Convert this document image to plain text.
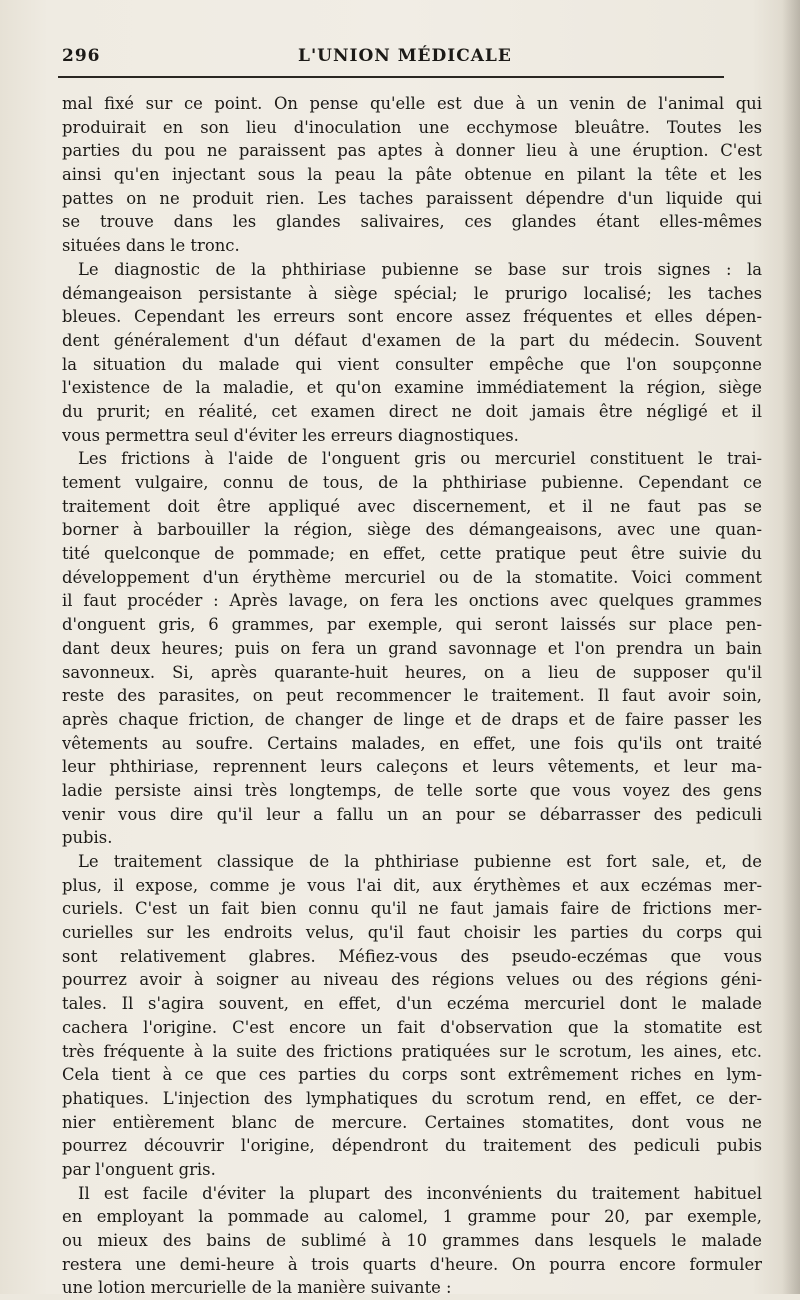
296	L'UNION MÉDICALE
mal fixé sur ce point. On pense qu'elle est due à un venin de l'animal qui
produirait en son lieu d'inoculation une ecchymose bleuâtre. Toutes les
parties du pou ne paraissent pas aptes à donner lieu à une éruption. C'est
ainsi qu'en injectant sous la peau la pâte obtenue en pilant la tête et les
pattes on ne produit rien. Les taches paraissent dépendre d'un liquide qui
se trouve dans les glandes salivaires, ces glandes étant elles-mêmes
situées dans le tronc.
Le diagnostic de la phthiriase pubienne se base sur trois signes : la
démangeaison persistante à siège spécial; le prurigo localisé; les taches
bleues. Cependant les erreurs sont encore assez fréquentes et elles dépen-
dent généralement d'un défaut d'examen de la part du médecin. Souvent
la situation du malade qui vient consulter empêche que l'on soupçonne
l'existence de la maladie, et qu'on examine immédiatement la région, siège
du prurit; en réalité, cet examen direct ne doit jamais être négligé et il
vous permettra seul d'éviter les erreurs diagnostiques.
Les frictions à l'aide de l'onguent gris ou mercuriel constituent le trai-
tement vulgaire, connu de tous, de la phthiriase pubienne. Cependant ce
traitement doit être appliqué avec discernement, et il ne faut pas se
borner à barbouiller la région, siège des démangeaisons, avec une quan-
tité quelconque de pommade; en effet, cette pratique peut être suivie du
développement d'un érythème mercuriel ou de la stomatite. Voici comment
il faut procéder : Après lavage, on fera les onctions avec quelques grammes
d'onguent gris, 6 grammes, par exemple, qui seront laissés sur place pen-
dant deux heures; puis on fera un grand savonnage et l'on prendra un bain
savonneux. Si, après quarante-huit heures, on a lieu de supposer qu'il
reste des parasites, on peut recommencer le traitement. Il faut avoir soin,
après chaque friction, de changer de linge et de draps et de faire passer les
vêtements au soufre. Certains malades, en effet, une fois qu'ils ont traité
leur phthiriase, reprennent leurs caleçons et leurs vêtements, et leur ma-
ladie persiste ainsi très longtemps, de telle sorte que vous voyez des gens
venir vous dire qu'il leur a fallu un an pour se débarrasser des pediculi
pubis.
Le traitement classique de la phthiriase pubienne est fort sale, et, de
plus, il expose, comme je vous l'ai dit, aux érythèmes et aux eczémas mer-
curiels. C'est un fait bien connu qu'il ne faut jamais faire de frictions mer-
curielles sur les endroits velus, qu'il faut choisir les parties du corps qui
sont relativement glabres. Méfiez-vous des pseudo-eczémas que vous
pourrez avoir à soigner au niveau des régions velues ou des régions géni-
tales. Il s'agira souvent, en effet, d'un eczéma mercuriel dont le malade
cachera l'origine. C'est encore un fait d'observation que la stomatite est
très fréquente à la suite des frictions pratiquées sur le scrotum, les aines, etc.
Cela tient à ce que ces parties du corps sont extrêmement riches en lym-
phatiques. L'injection des lymphatiques du scrotum rend, en effet, ce der-
nier entièrement blanc de mercure. Certaines stomatites, dont vous ne
pourrez découvrir l'origine, dépendront du traitement des pediculi pubis
par l'onguent gris.
Il est facile d'éviter la plupart des inconvénients du traitement habituel
en employant la pommade au calomel, 1 gramme pour 20, par exemple,
ou mieux des bains de sublimé à 10 grammes dans lesquels le malade
restera une demi-heure à trois quarts d'heure. On pourra encore formuler
une lotion mercurielle de la manière suivante :
